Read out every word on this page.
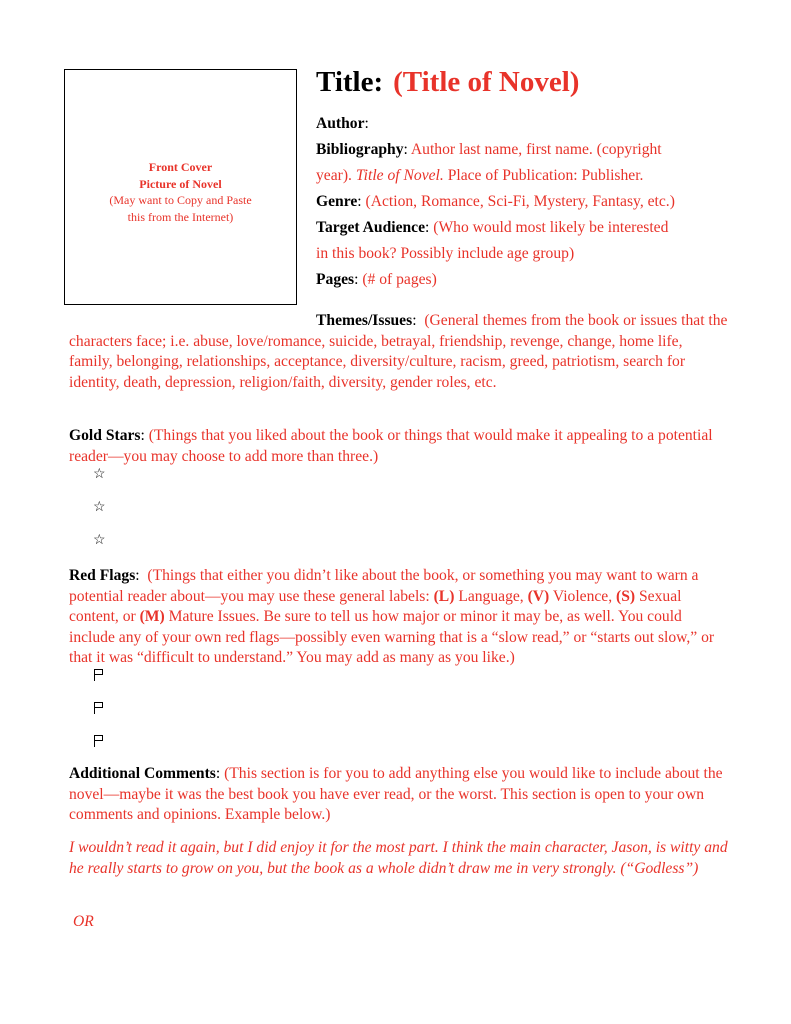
Front Cover
Picture of Novel
(May want to Copy and Paste
this from the Internet)
Title: (Title of Novel)

Author:

Bibliography: Author last name, first name. (copyright
year). Title of Novel. Place of Publication: Publisher.

Genre: (Action, Romance, Sci-Fi, Mystery, Fantasy, etc.)

Target Audience: (Who would most likely be interested
in this book? Possibly include age group)

Pages: (# of pages)

Themes/Issues:  (General themes from the book or issues that the characters face; i.e. abuse, love/romance, suicide, betrayal, friendship, revenge, change, home life, family, belonging, relationships, acceptance, diversity/culture, racism, greed, patriotism, search for identity, death, depression, religion/faith, diversity, gender roles, etc.

Gold Stars: (Things that you liked about the book or things that would make it appealing to a potential reader—you may choose to add more than three.)

☆
☆
☆

Red Flags:  (Things that either you didn’t like about the book, or something you may want to warn a potential reader about—you may use these general labels: (L) Language, (V) Violence, (S) Sexual content, or (M) Mature Issues. Be sure to tell us how major or minor it may be, as well. You could include any of your own red flags—possibly even warning that is a “slow read,” or “starts out slow,” or that it was “difficult to understand.” You may add as many as you like.)

Additional Comments: (This section is for you to add anything else you would like to include about the novel—maybe it was the best book you have ever read, or the worst. This section is open to your own comments and opinions. Example below.)

I wouldn’t read it again, but I did enjoy it for the most part. I think the main character, Jason, is witty and he really starts to grow on you, but the book as a whole didn’t draw me in very strongly. (“Godless”)

OR
